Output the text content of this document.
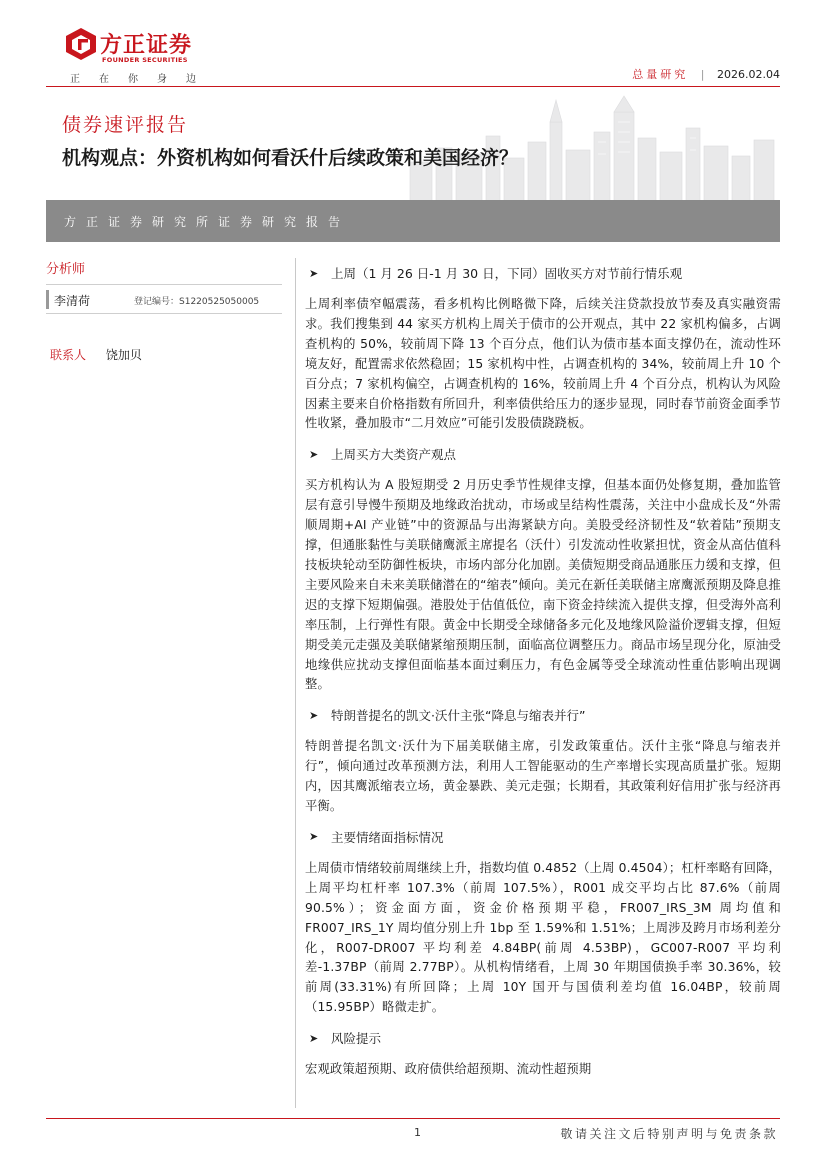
方正证券
FOUNDER SECURITIES
正在你身边	总量研究 | 2026.02.04
债券速评报告
机构观点：外资机构如何看沃什后续政策和美国经济？
方正证券研究所证券研究报告
分析师
李清荷	登记编号：S1220525050005
联系人 饶加贝
➤	上周（1 月 26 日-1 月 30 日，下同）固收买方对节前行情乐观
上周利率债窄幅震荡，看多机构比例略微下降，后续关注贷款投放节奏及真实融资需求。我们搜集到 44 家买方机构上周关于债市的公开观点，其中 22 家机构偏多，占调查机构的 50%，较前周下降 13 个百分点，他们认为债市基本面支撑仍在，流动性环境友好，配置需求依然稳固；15 家机构中性，占调查机构的 34%，较前周上升 10 个百分点；7 家机构偏空，占调查机构的 16%，较前周上升 4 个百分点，机构认为风险因素主要来自价格指数有所回升，利率债供给压力的逐步显现，同时春节前资金面季节性收紧，叠加股市“二月效应”可能引发股债跷跷板。
➤	上周买方大类资产观点
买方机构认为 A 股短期受 2 月历史季节性规律支撑，但基本面仍处修复期，叠加监管层有意引导慢牛预期及地缘政治扰动，市场或呈结构性震荡，关注中小盘成长及“外需顺周期+AI 产业链”中的资源品与出海紧缺方向。美股受经济韧性及“软着陆”预期支撑，但通胀黏性与美联储鹰派主席提名（沃什）引发流动性收紧担忧，资金从高估值科技板块轮动至防御性板块，市场内部分化加剧。美债短期受商品通胀压力缓和支撑，但主要风险来自未来美联储潜在的“缩表”倾向。美元在新任美联储主席鹰派预期及降息推迟的支撑下短期偏强。港股处于估值低位，南下资金持续流入提供支撑，但受海外高利率压制，上行弹性有限。黄金中长期受全球储备多元化及地缘风险溢价逻辑支撑，但短期受美元走强及美联储紧缩预期压制，面临高位调整压力。商品市场呈现分化，原油受地缘供应扰动支撑但面临基本面过剩压力，有色金属等受全球流动性重估影响出现调整。
➤	特朗普提名的凯文·沃什主张“降息与缩表并行”
特朗普提名凯文·沃什为下届美联储主席，引发政策重估。沃什主张“降息与缩表并行”，倾向通过改革预测方法，利用人工智能驱动的生产率增长实现高质量扩张。短期内，因其鹰派缩表立场，黄金暴跌、美元走强；长期看，其政策利好信用扩张与经济再平衡。
➤	主要情绪面指标情况
上周债市情绪较前周继续上升，指数均值 0.4852（上周 0.4504）；杠杆率略有回降，上周平均杠杆率 107.3%（前周 107.5%），R001 成交平均占比 87.6%（前周 90.5%）；资金面方面，资金价格预期平稳，FR007_IRS_3M 周均值和 FR007_IRS_1Y 周均值分别上升 1bp 至 1.59%和 1.51%；上周涉及跨月市场利差分化，R007-DR007 平均利差 4.84BP(前周 4.53BP)，GC007-R007 平均利差-1.37BP（前周 2.77BP）。从机构情绪看，上周 30 年期国债换手率 30.36%，较前周(33.31%)有所回降；上周 10Y 国开与国债利差均值 16.04BP，较前周（15.95BP）略微走扩。
➤	风险提示
宏观政策超预期、政府债供给超预期、流动性超预期
1	敬请关注文后特别声明与免责条款
